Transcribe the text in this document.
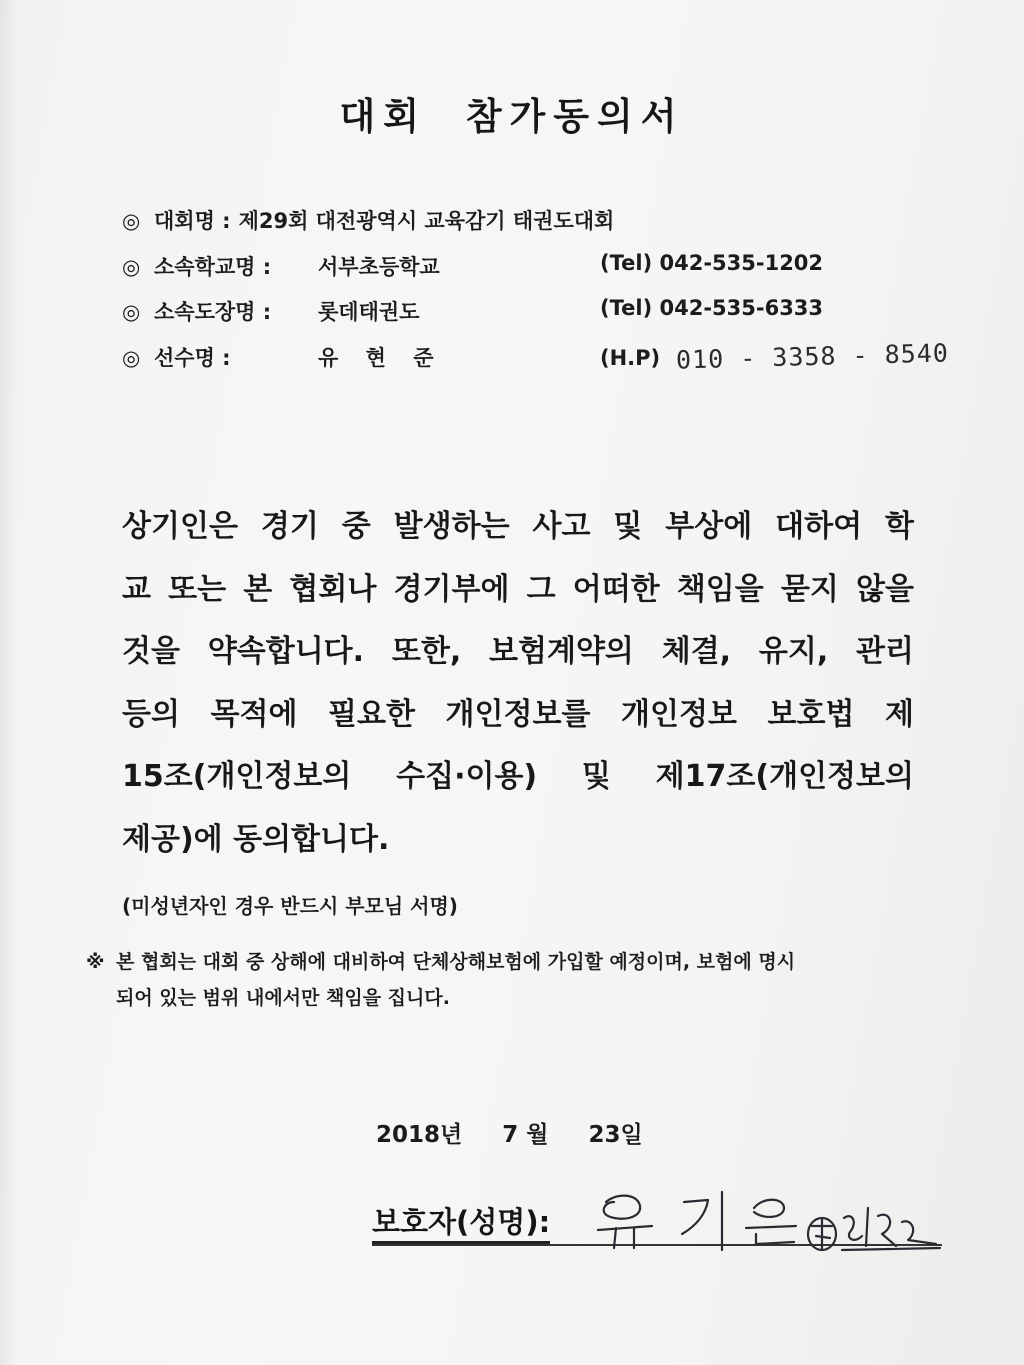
대회 참가동의서
◎ 대회명 : 제29회 대전광역시 교육감기 태권도대회
◎ 소속학교명 : 서부초등학교	(Tel) 042-535-1202
◎ 소속도장명 : 롯데태권도	(Tel) 042-535-6333
◎ 선수명 :	유 현 준	(H.P) 010 - 3358 - 8540
상기인은 경기 중 발생하는 사고 및 부상에 대하여 학
교 또는 본 협회나 경기부에 그 어떠한 책임을 묻지 않을
것을 약속합니다. 또한, 보험계약의 체결, 유지, 관리
등의 목적에 필요한 개인정보를 개인정보 보호법 제
15조(개인정보의 수집·이용) 및 제17조(개인정보의
제공)에 동의합니다.
(미성년자인 경우 반드시 부모님 서명)
※ 본 협회는 대회 중 상해에 대비하여 단체상해보험에 가입할 예정이며, 보험에 명시
되어 있는 범위 내에서만 책임을 집니다.
2018년 7 월 23일
보호자(성명):
